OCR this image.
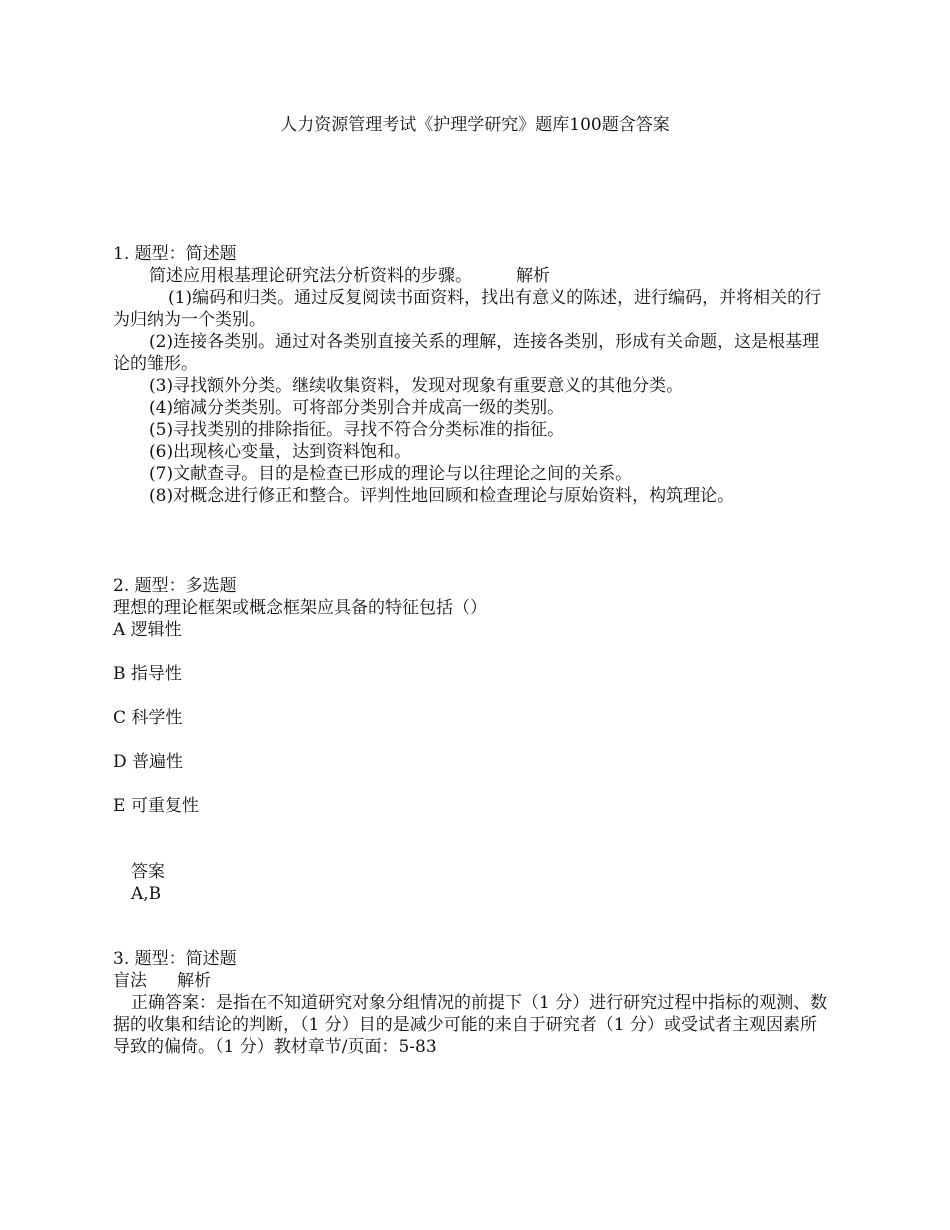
人力资源管理考试《护理学研究》题库100题含答案
1. 题型：简述题
简述应用根基理论研究法分析资料的步骤。	解析
(1)编码和归类。通过反复阅读书面资料，找出有意义的陈述，进行编码，并将相关的行为归纳为一个类别。
(2)连接各类别。通过对各类别直接关系的理解，连接各类别，形成有关命题，这是根基理论的雏形。
(3)寻找额外分类。继续收集资料，发现对现象有重要意义的其他分类。
(4)缩减分类类别。可将部分类别合并成高一级的类别。
(5)寻找类别的排除指征。寻找不符合分类标准的指征。
(6)出现核心变量，达到资料饱和。
(7)文献查寻。目的是检查已形成的理论与以往理论之间的关系。
(8)对概念进行修正和整合。评判性地回顾和检查理论与原始资料，构筑理论。
2. 题型：多选题
理想的理论框架或概念框架应具备的特征包括（）
A 逻辑性
B 指导性
C 科学性
D 普遍性
E 可重复性
答案
A,B
3. 题型：简述题
盲法 解析
正确答案：是指在不知道研究对象分组情况的前提下（1 分）进行研究过程中指标的观测、数据的收集和结论的判断，（1 分）目的是减少可能的来自于研究者（1 分）或受试者主观因素所导致的偏倚。（1 分）教材章节/页面：5-83
